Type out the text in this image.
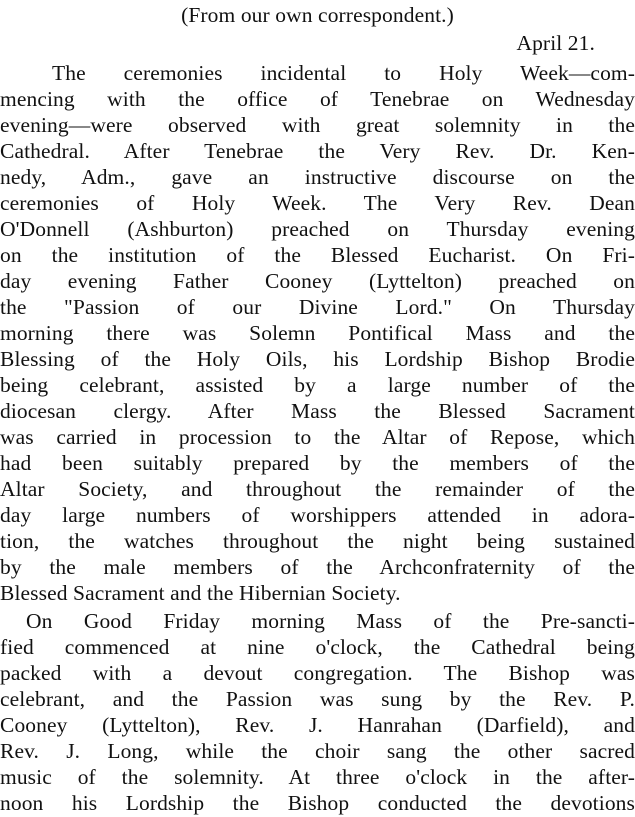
(From our own correspondent.)
April 21.
The ceremonies incidental to Holy Week—com-
mencing with the office of Tenebrae on Wednesday
evening—were observed with great solemnity in the
Cathedral. After Tenebrae the Very Rev. Dr. Ken-
nedy, Adm., gave an instructive discourse on the
ceremonies of Holy Week. The Very Rev. Dean
O'Donnell (Ashburton) preached on Thursday evening
on the institution of the Blessed Eucharist. On Fri-
day evening Father Cooney (Lyttelton) preached on
the "Passion of our Divine Lord." On Thursday
morning there was Solemn Pontifical Mass and the
Blessing of the Holy Oils, his Lordship Bishop Brodie
being celebrant, assisted by a large number of the
diocesan clergy. After Mass the Blessed Sacrament
was carried in procession to the Altar of Repose, which
had been suitably prepared by the members of the
Altar Society, and throughout the remainder of the
day large numbers of worshippers attended in adora-
tion, the watches throughout the night being sustained
by the male members of the Archconfraternity of the
Blessed Sacrament and the Hibernian Society.
On Good Friday morning Mass of the Pre-sancti-
fied commenced at nine o'clock, the Cathedral being
packed with a devout congregation. The Bishop was
celebrant, and the Passion was sung by the Rev. P.
Cooney (Lyttelton), Rev. J. Hanrahan (Darfield), and
Rev. J. Long, while the choir sang the other sacred
music of the solemnity. At three o'clock in the after-
noon his Lordship the Bishop conducted the devotions
